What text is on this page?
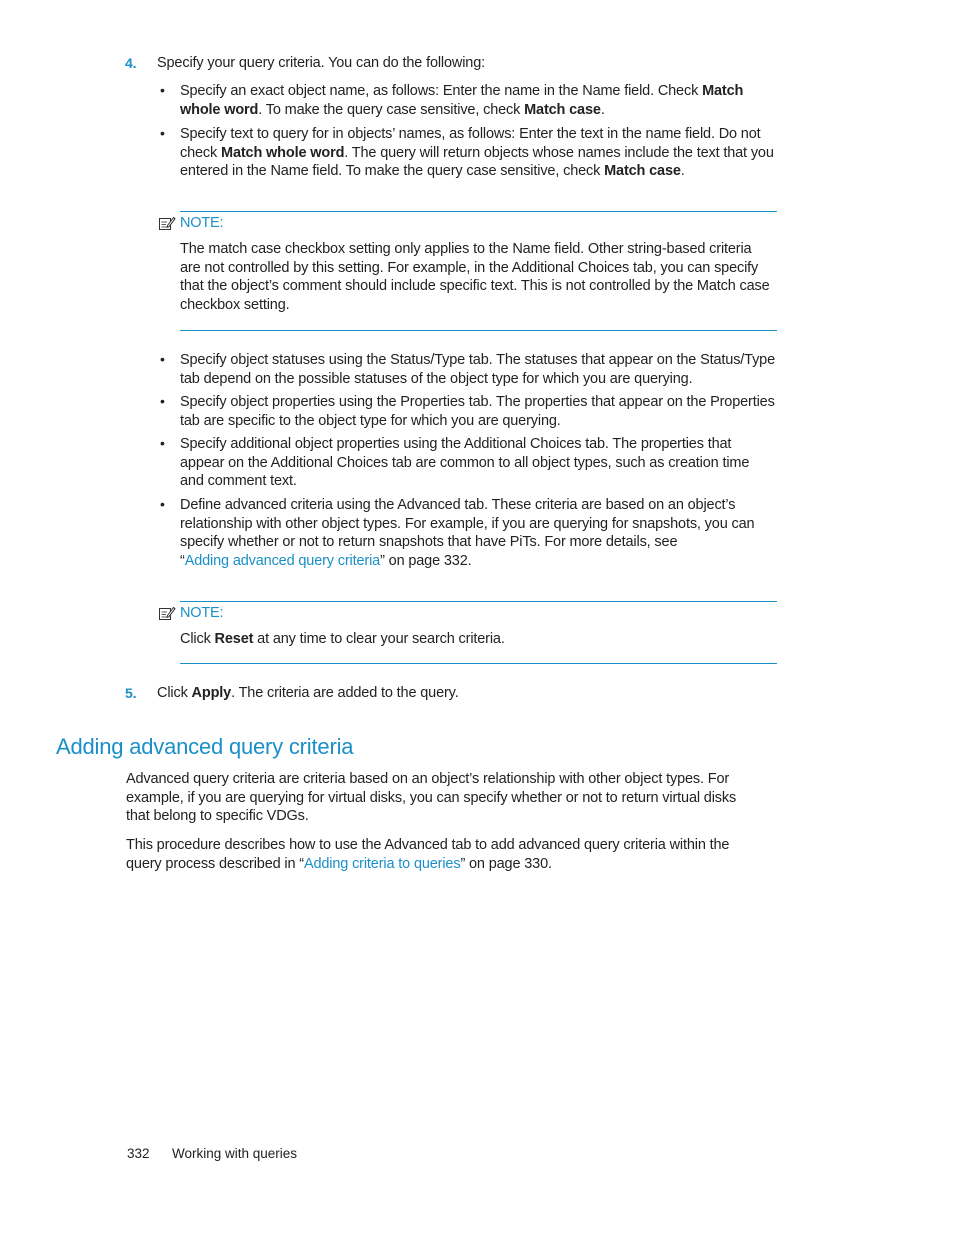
4. Specify your query criteria. You can do the following:
• Specify an exact object name, as follows: Enter the name in the Name field. Check Match
whole word. To make the query case sensitive, check Match case.
• Specify text to query for in objects’ names, as follows: Enter the text in the name field. Do not
check Match whole word. The query will return objects whose names include the text that you
entered in the Name field. To make the query case sensitive, check Match case.
NOTE:
The match case checkbox setting only applies to the Name field. Other string-based criteria
are not controlled by this setting. For example, in the Additional Choices tab, you can specify
that the object’s comment should include specific text. This is not controlled by the Match case
checkbox setting.
• Specify object statuses using the Status/Type tab. The statuses that appear on the Status/Type
tab depend on the possible statuses of the object type for which you are querying.
• Specify object properties using the Properties tab. The properties that appear on the Properties
tab are specific to the object type for which you are querying.
• Specify additional object properties using the Additional Choices tab. The properties that
appear on the Additional Choices tab are common to all object types, such as creation time
and comment text.
• Define advanced criteria using the Advanced tab. These criteria are based on an object’s
relationship with other object types. For example, if you are querying for snapshots, you can
specify whether or not to return snapshots that have PiTs. For more details, see
“Adding advanced query criteria” on page 332.
NOTE:
Click Reset at any time to clear your search criteria.
5. Click Apply. The criteria are added to the query.
Adding advanced query criteria
Advanced query criteria are criteria based on an object’s relationship with other object types. For
example, if you are querying for virtual disks, you can specify whether or not to return virtual disks
that belong to specific VDGs.
This procedure describes how to use the Advanced tab to add advanced query criteria within the
query process described in “Adding criteria to queries” on page 330.
332 Working with queries
